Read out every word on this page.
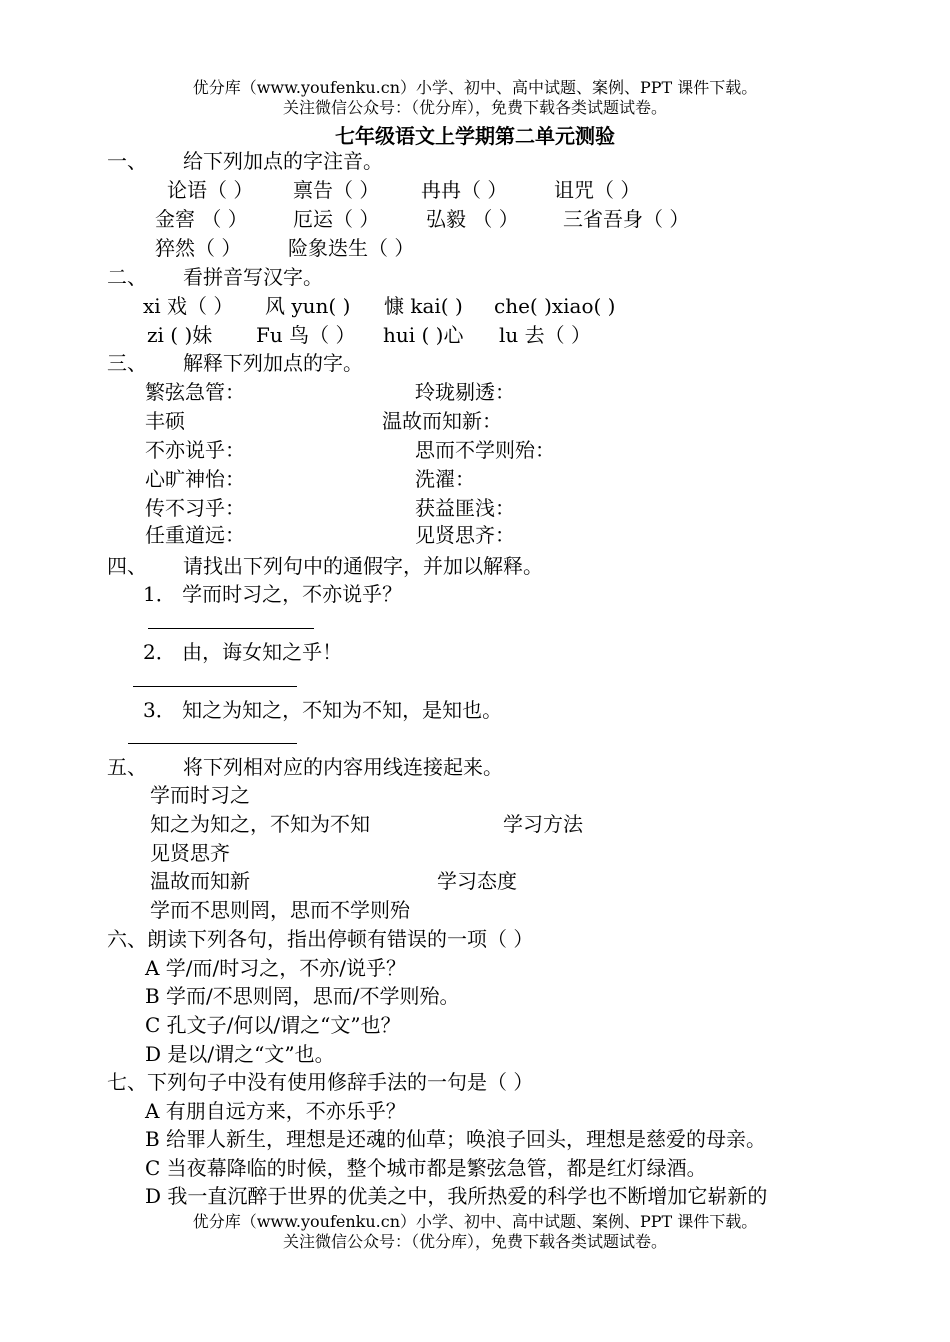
优分库（www.youfenku.cn）小学、初中、高中试题、案例、PPT 课件下载。
关注微信公众号：（优分库），免费下载各类试题试卷。
七年级语文上学期第二单元测验
一、 给下列加点的字注音。
论语（ ） 禀告（ ） 冉冉（ ） 诅咒（ ）
金窖 （ ） 厄运（ ） 弘毅 （ ） 三省吾身（ ）
猝然（ ） 险象迭生（ ）
二、 看拼音写汉字。
xi 戏（ ） 风 yun( ) 慷 kai( ) che( )xiao( )
zi ( )妹 Fu 鸟（ ） hui ( )心 lu 去（ ）
三、 解释下列加点的字。
繁弦急管：	玲珑剔透：
丰硕	温故而知新：
不亦说乎：	思而不学则殆：
心旷神怡：	洗濯：
传不习乎：	获益匪浅：
任重道远：	见贤思齐：
四、 请找出下列句中的通假字，并加以解释。
1． 学而时习之，不亦说乎？
2． 由，诲女知之乎！
3． 知之为知之，不知为不知，是知也。
五、 将下列相对应的内容用线连接起来。
学而时习之
知之为知之，不知为不知	学习方法
见贤思齐
温故而知新	学习态度
学而不思则罔，思而不学则殆
六、朗读下列各句，指出停顿有错误的一项（ ）
A 学/而/时习之，不亦/说乎？
B 学而/不思则罔，思而/不学则殆。
C 孔文子/何以/谓之“文”也？
D 是以/谓之“文”也。
七、下列句子中没有使用修辞手法的一句是（ ）
A 有朋自远方来，不亦乐乎？
B 给罪人新生，理想是还魂的仙草；唤浪子回头，理想是慈爱的母亲。
C 当夜幕降临的时候，整个城市都是繁弦急管，都是红灯绿酒。
D 我一直沉醉于世界的优美之中，我所热爱的科学也不断增加它崭新的
优分库（www.youfenku.cn）小学、初中、高中试题、案例、PPT 课件下载。
关注微信公众号：（优分库），免费下载各类试题试卷。
